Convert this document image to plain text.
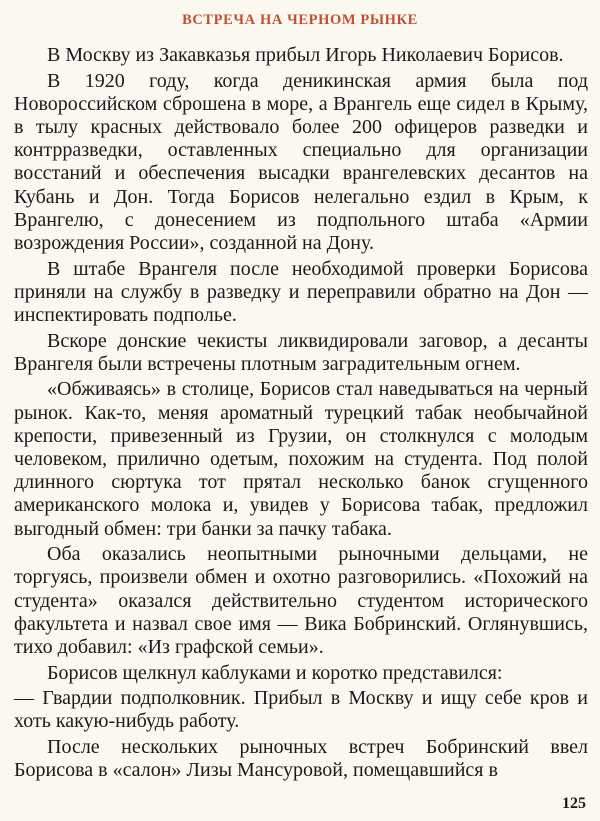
ВСТРЕЧА НА ЧЕРНОМ РЫНКЕ

В Москву из Закавказья прибыл Игорь Николаевич Борисов.

В 1920 году, когда деникинская армия была под Новороссийском сброшена в море, а Врангель еще сидел в Крыму, в тылу красных действовало более 200 офицеров разведки и контрразведки, оставленных специально для организации восстаний и обеспечения высадки врангелевских десантов на Кубань и Дон. Тогда Борисов нелегально ездил в Крым, к Врангелю, с донесением из подпольного штаба «Армии возрождения России», созданной на Дону.

В штабе Врангеля после необходимой проверки Борисова приняли на службу в разведку и переправили обратно на Дон — инспектировать подполье.

Вскоре донские чекисты ликвидировали заговор, а десанты Врангеля были встречены плотным заградительным огнем.

«Обживаясь» в столице, Борисов стал наведываться на черный рынок. Как-то, меняя ароматный турецкий табак необычайной крепости, привезенный из Грузии, он столкнулся с молодым человеком, прилично одетым, похожим на студента. Под полой длинного сюртука тот прятал несколько банок сгущенного американского молока и, увидев у Борисова табак, предложил выгодный обмен: три банки за пачку табака.

Оба оказались неопытными рыночными дельцами, не торгуясь, произвели обмен и охотно разговорились. «Похожий на студента» оказался действительно студентом исторического факультета и назвал свое имя — Вика Бобринский. Оглянувшись, тихо добавил: «Из графской семьи».

Борисов щелкнул каблуками и коротко представился:

— Гвардии подполковник. Прибыл в Москву и ищу себе кров и хоть какую-нибудь работу.

После нескольких рыночных встреч Бобринский ввел Борисова в «салон» Лизы Мансуровой, помещавшийся в

125
